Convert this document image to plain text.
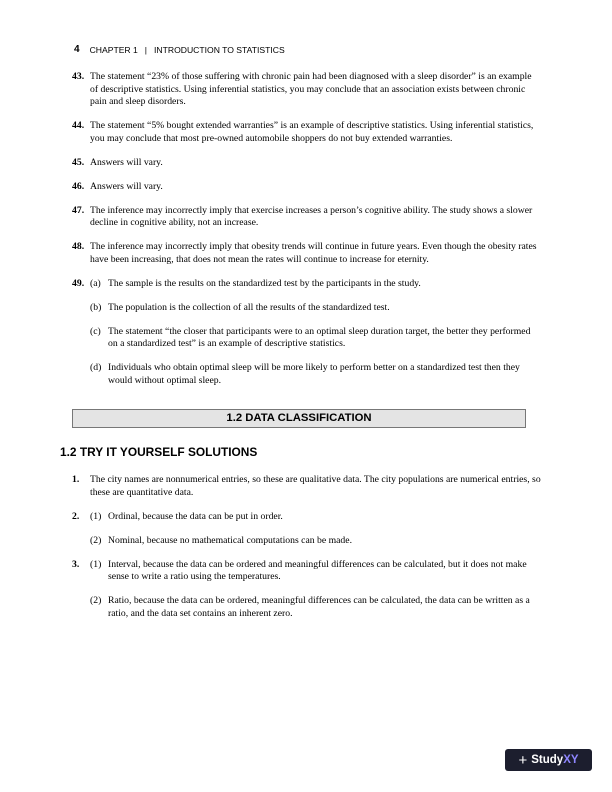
4 CHAPTER 1 | INTRODUCTION TO STATISTICS
43. The statement “23% of those suffering with chronic pain had been diagnosed with a sleep disorder” is an example of descriptive statistics. Using inferential statistics, you may conclude that an association exists between chronic pain and sleep disorders.
44. The statement “5% bought extended warranties” is an example of descriptive statistics. Using inferential statistics, you may conclude that most pre-owned automobile shoppers do not buy extended warranties.
45. Answers will vary.
46. Answers will vary.
47. The inference may incorrectly imply that exercise increases a person’s cognitive ability. The study shows a slower decline in cognitive ability, not an increase.
48. The inference may incorrectly imply that obesity trends will continue in future years. Even though the obesity rates have been increasing, that does not mean the rates will continue to increase for eternity.
49. (a) The sample is the results on the standardized test by the participants in the study.
(b) The population is the collection of all the results of the standardized test.
(c) The statement “the closer that participants were to an optimal sleep duration target, the better they performed on a standardized test” is an example of descriptive statistics.
(d) Individuals who obtain optimal sleep will be more likely to perform better on a standardized test then they would without optimal sleep.
1.2 DATA CLASSIFICATION
1.2 TRY IT YOURSELF SOLUTIONS
1. The city names are nonnumerical entries, so these are qualitative data. The city populations are numerical entries, so these are quantitative data.
2. (1) Ordinal, because the data can be put in order.
(2) Nominal, because no mathematical computations can be made.
3. (1) Interval, because the data can be ordered and meaningful differences can be calculated, but it does not make sense to write a ratio using the temperatures.
(2) Ratio, because the data can be ordered, meaningful differences can be calculated, the data can be written as a ratio, and the data set contains an inherent zero.
+ Study XY
